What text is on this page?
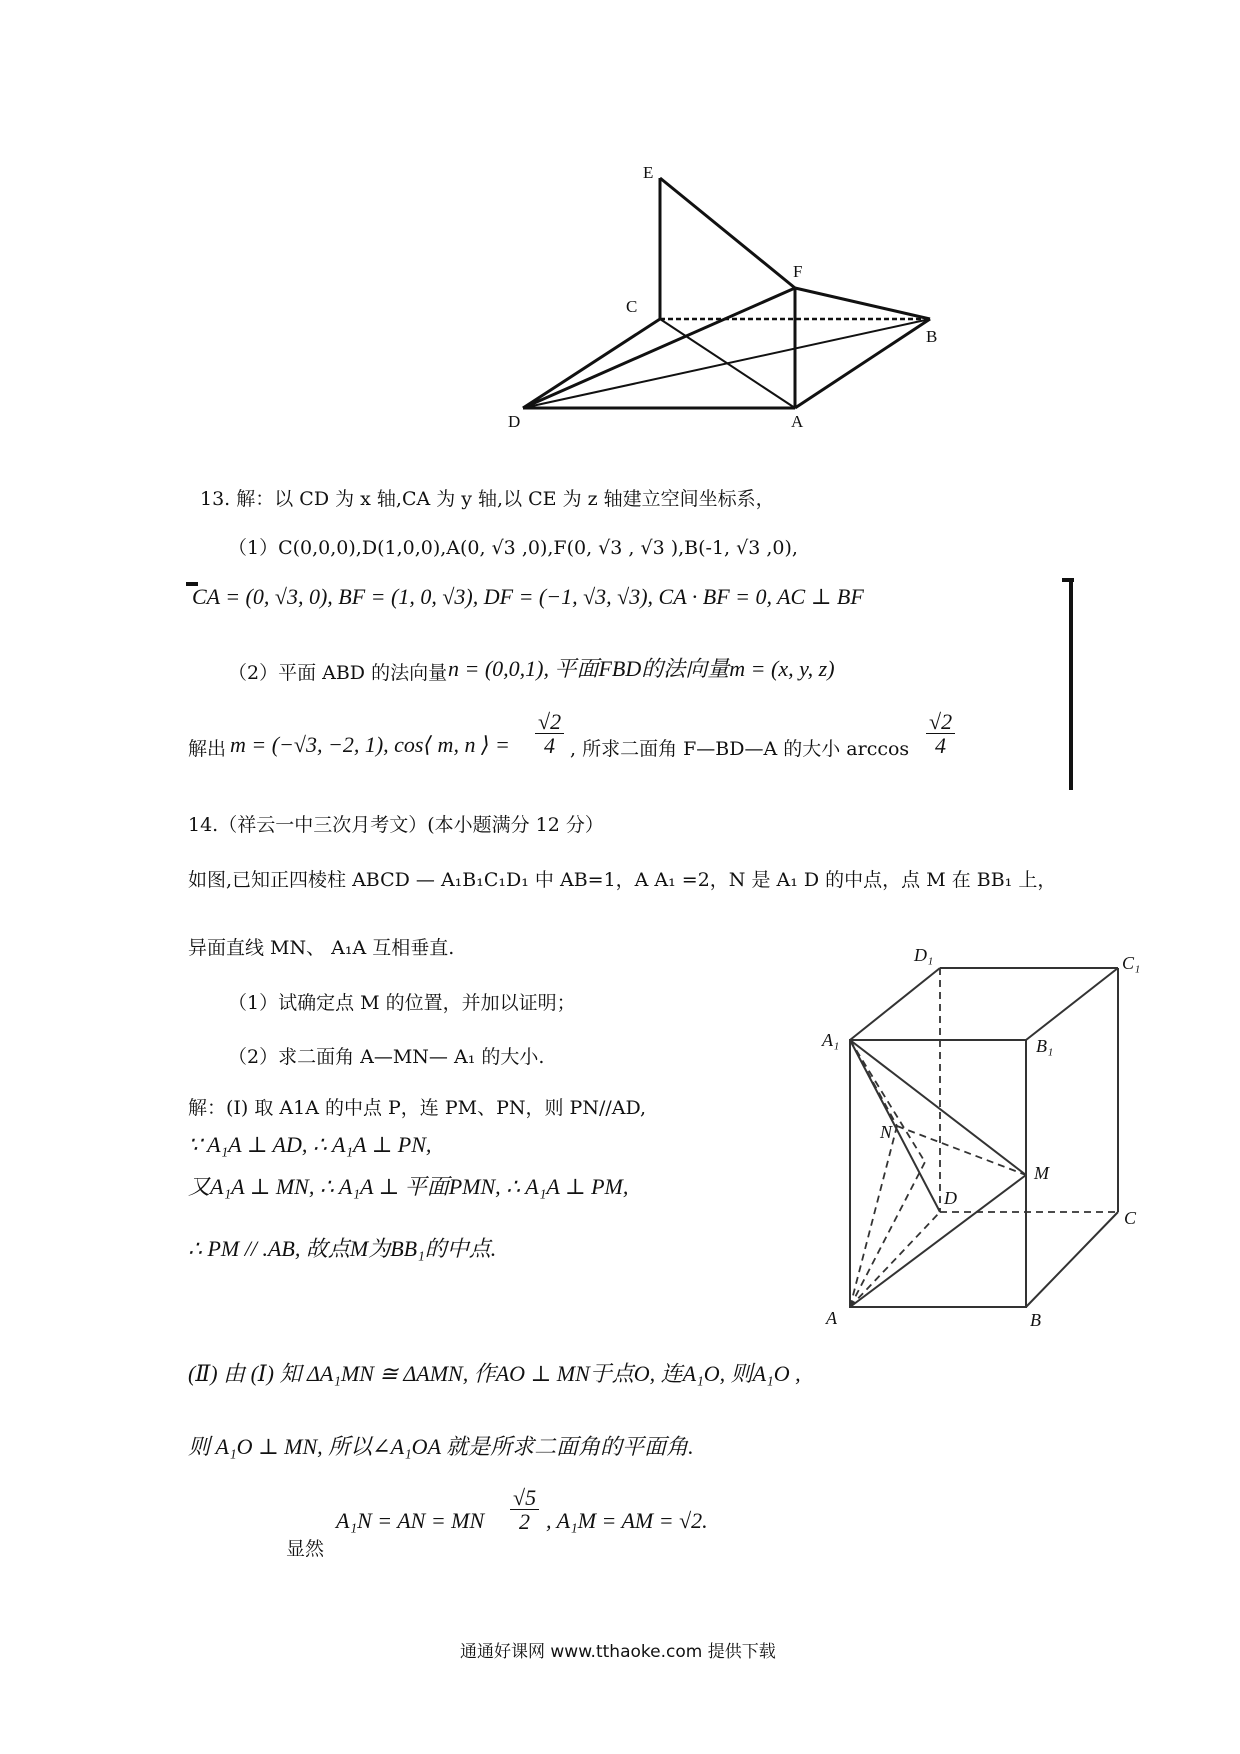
E
F
C
B
D	A
13. 解：以 CD 为 x 轴,CA 为 y 轴,以 CE 为 z 轴建立空间坐标系，
（1）C(0,0,0),D(1,0,0),A(0, √3 ,0),F(0, √3 , √3 ),B(-1, √3 ,0),
CA = (0, √3, 0), BF = (1, 0, √3), DF = (−1, √3, √3), CA · BF = 0, AC ⊥ BF
（2）平面 ABD 的法向量 n = (0,0,1), 平面FBD的法向量m = (x, y, z)
解出 m = (−√3, −2, 1), cos⟨ m, n ⟩ = $\frac{√2}{4}$ , 所求二面角 F—BD—A 的大小 $\arccos \frac{√2}{4}$
14.（祥云一中三次月考文）(本小题满分 12 分）
如图,已知正四棱柱 ABCD — A₁B₁C₁D₁ 中 AB=1，A A₁ =2，N 是 A₁ D 的中点，点 M 在 BB₁ 上，
异面直线 MN、 A₁A 互相垂直.
（1）试确定点 M 的位置，并加以证明；
（2）求二面角 A—MN— A₁ 的大小.
解：(Ⅰ) 取 A1A 的中点 P，连 PM、PN，则 PN//AD,
∵ A₁A ⊥ AD, ∴ A₁A ⊥ PN,
又A₁A ⊥ MN, ∴ A₁A ⊥ 平面PMN, ∴ A₁A ⊥ PM,
∴ PM // .AB, 故点M为BB₁的中点.
(Ⅱ) 由 (Ⅰ) 知 ΔA₁MN ≅ ΔAMN, 作AO ⊥ MN于点O, 连A₁O, 则A₁O ,
则 A₁O ⊥ MN, 所以∠A₁OA 就是所求二面角的平面角.
显然
A₁N = AN = MN $\frac{√5}{2}$ , A₁M = AM = √2.
D₁	C₁
A₁	B₁
N
M
D
C
A	B
通通好课网 www.tthaoke.com 提供下载
